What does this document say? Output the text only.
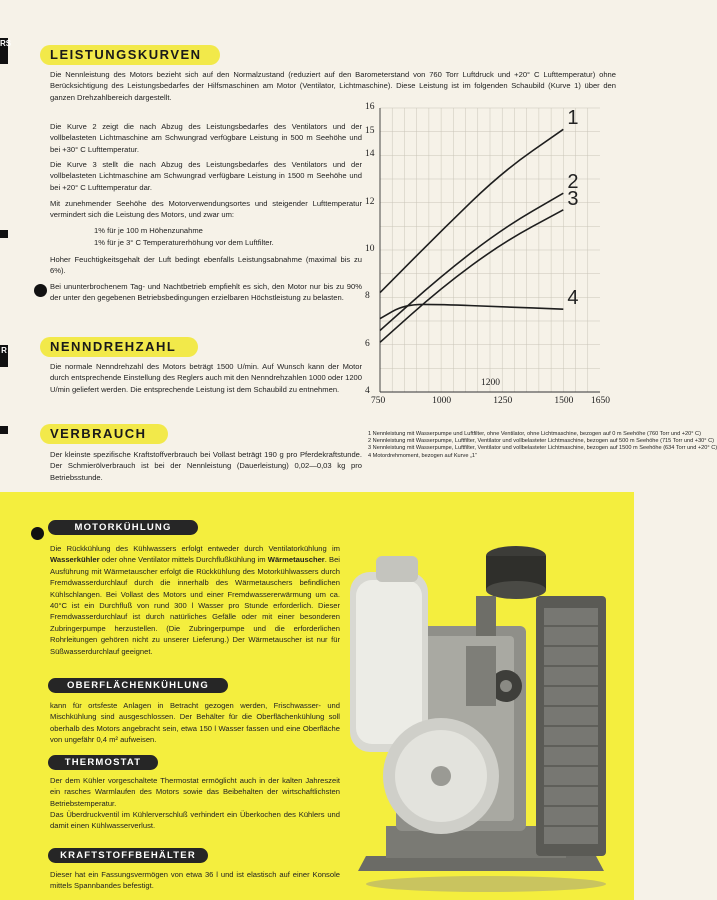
RS
R
LEISTUNGSKURVEN

Die Nennleistung des Motors bezieht sich auf den Normalzustand (reduziert auf den Barometerstand von 760 Torr Luftdruck und +20° C Lufttemperatur) ohne Berücksichtigung des Leistungsbedarfes der Hilfsmaschinen am Motor (Ventilator, Lichtmaschine). Diese Leistung ist im folgenden Schaubild (Kurve 1) über den ganzen Drehzahlbereich dargestellt.

Die Kurve 2 zeigt die nach Abzug des Leistungsbedarfes des Ventilators und der vollbelasteten Lichtmaschine am Schwungrad verfügbare Leistung in 500 m Seehöhe und bei +30° C Lufttemperatur.

Die Kurve 3 stellt die nach Abzug des Leistungsbedarfes des Ventilators und der vollbelasteten Lichtmaschine am Schwungrad verfügbare Leistung in 1500 m Seehöhe und bei +20° C Lufttemperatur dar.

Mit zunehmender Seehöhe des Motorverwendungsortes und steigender Lufttemperatur vermindert sich die Leistung des Motors, und zwar um:

1% für je 100 m Höhenzunahme

1% für je 3° C Temperaturerhöhung vor dem Luftfilter.

Hoher Feuchtigkeitsgehalt der Luft bedingt ebenfalls Leistungsabnahme (maximal bis zu 6%).

Bei ununterbrochenem Tag- und Nachtbetrieb empfiehlt es sich, den Motor nur bis zu 90% der unter den gegebenen Betriebsbedingungen erzielbaren Höchstleistung zu belasten.

NENNDREHZAHL

Die normale Nenndrehzahl des Motors beträgt 1500 U/min. Auf Wunsch kann der Motor durch entsprechende Einstellung des Reglers auch mit den Nenndrehzahlen 1000 oder 1200 U/min geliefert werden. Die entsprechende Leistung ist dem Schaubild zu entnehmen.

VERBRAUCH

Der kleinste spezifische Kraftstoffverbrauch bei Vollast beträgt 190 g pro Pferdekraftstunde. Der Schmierölverbrauch ist bei der Nennleistung (Dauerleistung) 0,02—0,03 kg pro Betriebsstunde.

1
2
3
4
4
6
8
10
12
14
15
16
750	1000	1250	1500 1650
1200
1 Nennleistung mit Wasserpumpe und Luftfilter, ohne Ventilator, ohne Lichtmaschine, bezogen auf 0 m Seehöhe (760 Torr und +20° C)
2 Nennleistung mit Wasserpumpe, Luftfilter, Ventilator und vollbelasteter Lichtmaschine, bezogen auf 500 m Seehöhe (715 Torr und +30° C)
3 Nennleistung mit Wasserpumpe, Luftfilter, Ventilator und vollbelasteter Lichtmaschine, bezogen auf 1500 m Seehöhe (634 Torr und +20° C)
4 Motordrehmoment, bezogen auf Kurve „1“
MOTORKÜHLUNG

Die Rückkühlung des Kühlwassers erfolgt entweder durch Ventilatorkühlung im Wasserkühler oder ohne Ventilator mittels Durchflußkühlung im Wärmetauscher. Bei Ausführung mit Wärmetauscher erfolgt die Rückkühlung des Motorkühlwassers durch Fremdwasserdurchlauf durch die innerhalb des Wärmetauschers befindlichen Kühlschlangen. Bei Vollast des Motors und einer Fremdwassererwärmung um ca. 40°C ist ein Durchfluß von rund 300 l Wasser pro Stunde erforderlich. Dieser Fremdwasserdurchlauf ist durch natürliches Gefälle oder mit einer besonderen Zubringerpumpe herzustellen. (Die Zubringerpumpe und die erforderlichen Rohrleitungen gehören nicht zu unserer Lieferung.) Der Wärmetauscher ist nur für Süßwasserdurchlauf geeignet.

OBERFLÄCHENKÜHLUNG

kann für ortsfeste Anlagen in Betracht gezogen werden, Frischwasser- und Mischkühlung sind ausgeschlossen. Der Behälter für die Oberflächenkühlung soll oberhalb des Motors angebracht sein, etwa 150 l Wasser fassen und eine Oberfläche von ungefähr 0,4 m² aufweisen.

THERMOSTAT

Der dem Kühler vorgeschaltete Thermostat ermöglicht auch in der kalten Jahreszeit ein rasches Warmlaufen des Motors sowie das Beibehalten der wirtschaftlichsten Betriebstemperatur.

Das Überdruckventil im Kühlerverschluß verhindert ein Überkochen des Kühlers und damit einen Kühlwasserverlust.

KRAFTSTOFFBEHÄLTER

Dieser hat ein Fassungsvermögen von etwa 36 l und ist elastisch auf einer Konsole mittels Spannbandes befestigt.
